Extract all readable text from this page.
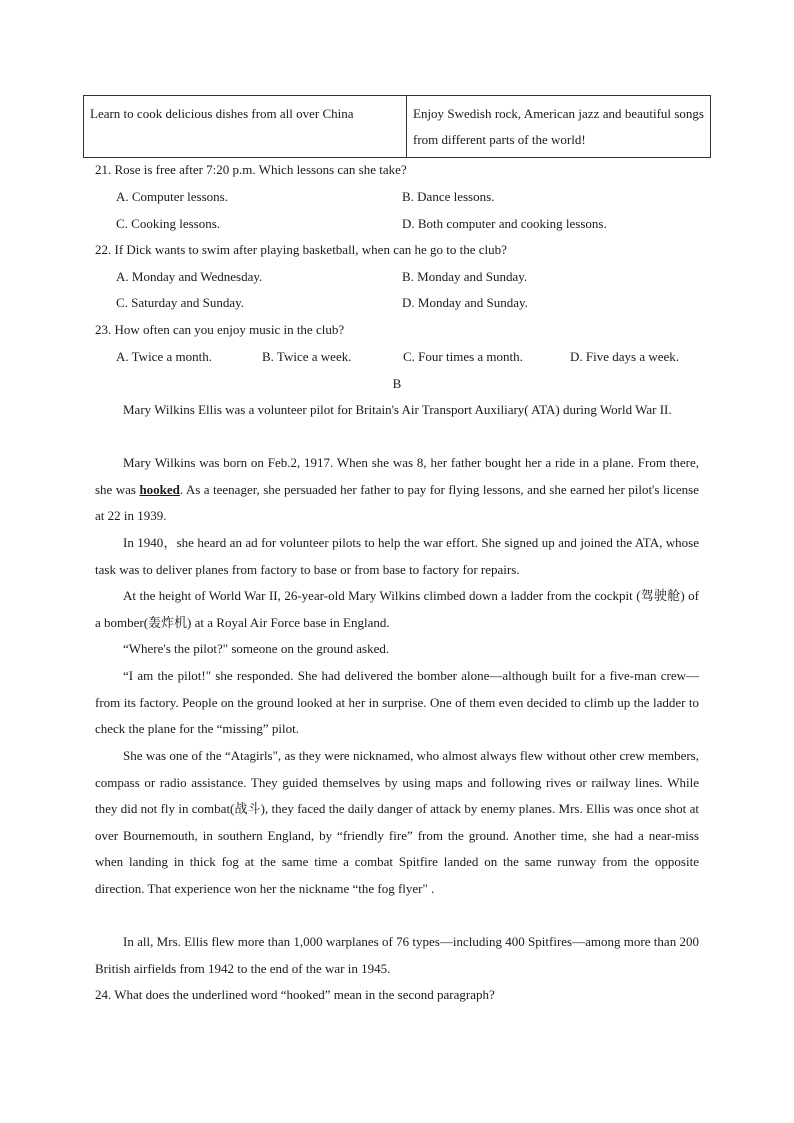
Learn to cook delicious dishes from all over China	Enjoy Swedish rock, American jazz and beautiful songs from different parts of the world!
21. Rose is free after 7:20 p.m. Which lessons can she take?
A. Computer lessons.	B. Dance lessons.
C. Cooking lessons.	D. Both computer and cooking lessons.
22. If Dick wants to swim after playing basketball, when can he go to the club?
A. Monday and Wednesday.	B. Monday and Sunday.
C. Saturday and Sunday.	D. Monday and Sunday.
23. How often can you enjoy music in the club?
A. Twice a month.	B. Twice a week.	C. Four times a month.	D. Five days a week.
B
Mary Wilkins Ellis was a volunteer pilot for Britain's Air Transport Auxiliary( ATA) during World War II.
Mary Wilkins was born on Feb.2, 1917. When she was 8, her father bought her a ride in a plane. From there, she was hooked. As a teenager, she persuaded her father to pay for flying lessons, and she earned her pilot's license at 22 in 1939.
In 1940，she heard an ad for volunteer pilots to help the war effort. She signed up and joined the ATA, whose task was to deliver planes from factory to base or from base to factory for repairs.
At the height of World War II, 26-year-old Mary Wilkins climbed down a ladder from the cockpit (驾驶舱) of a bomber(轰炸机) at a Royal Air Force base in England.
“Where's the pilot?" someone on the ground asked.
“I am the pilot!" she responded. She had delivered the bomber alone—although built for a five-man crew—from its factory. People on the ground looked at her in surprise. One of them even decided to climb up the ladder to check the plane for the “missing” pilot.
She was one of the “Atagirls", as they were nicknamed, who almost always flew without other crew members, compass or radio assistance. They guided themselves by using maps and following rives or railway lines. While they did not fly in combat(战斗), they faced the daily danger of attack by enemy planes. Mrs. Ellis was once shot at over Bournemouth, in southern England, by “friendly fire” from the ground. Another time, she had a near-miss when landing in thick fog at the same time a combat Spitfire landed on the same runway from the opposite direction. That experience won her the nickname “the fog flyer" .
In all, Mrs. Ellis flew more than 1,000 warplanes of 76 types—including 400 Spitfires—among more than 200 British airfields from 1942 to the end of the war in 1945.
24. What does the underlined word “hooked” mean in the second paragraph?
